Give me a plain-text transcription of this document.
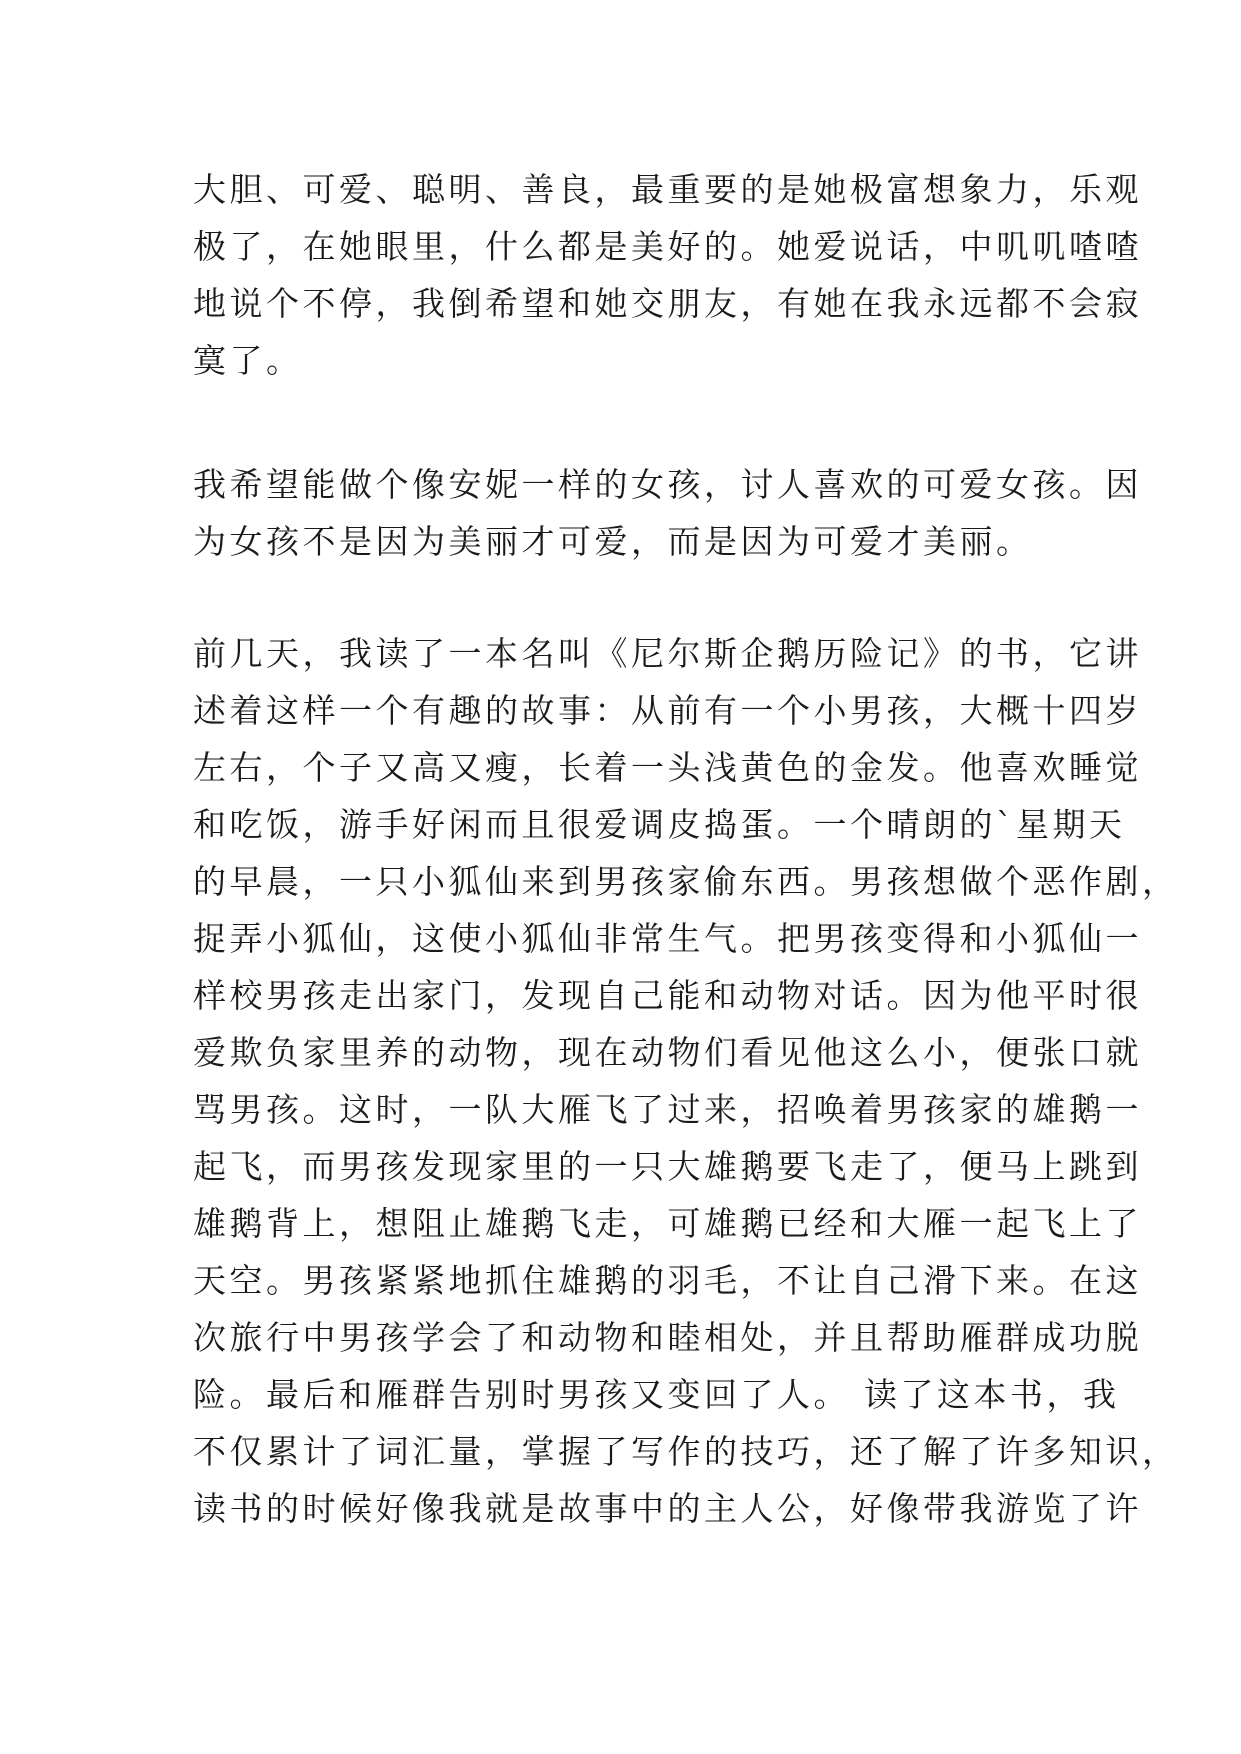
大胆、可爱、聪明、善良，最重要的是她极富想象力，乐观
极了，在她眼里，什么都是美好的。她爱说话，中叽叽喳喳
地说个不停，我倒希望和她交朋友，有她在我永远都不会寂
寞了。
我希望能做个像安妮一样的女孩，讨人喜欢的可爱女孩。因
为女孩不是因为美丽才可爱，而是因为可爱才美丽。
前几天，我读了一本名叫《尼尔斯企鹅历险记》的书，它讲
述着这样一个有趣的故事：从前有一个小男孩，大概十四岁
左右，个子又高又瘦，长着一头浅黄色的金发。他喜欢睡觉
和吃饭，游手好闲而且很爱调皮捣蛋。一个晴朗的`星期天
的早晨，一只小狐仙来到男孩家偷东西。男孩想做个恶作剧，
捉弄小狐仙，这使小狐仙非常生气。把男孩变得和小狐仙一
样校男孩走出家门，发现自己能和动物对话。因为他平时很
爱欺负家里养的动物，现在动物们看见他这么小，便张口就
骂男孩。这时，一队大雁飞了过来，招唤着男孩家的雄鹅一
起飞，而男孩发现家里的一只大雄鹅要飞走了，便马上跳到
雄鹅背上，想阻止雄鹅飞走，可雄鹅已经和大雁一起飞上了
天空。男孩紧紧地抓住雄鹅的羽毛，不让自己滑下来。在这
次旅行中男孩学会了和动物和睦相处，并且帮助雁群成功脱
险。最后和雁群告别时男孩又变回了人。 读了这本书，我
不仅累计了词汇量，掌握了写作的技巧，还了解了许多知识，
读书的时候好像我就是故事中的主人公，好像带我游览了许
